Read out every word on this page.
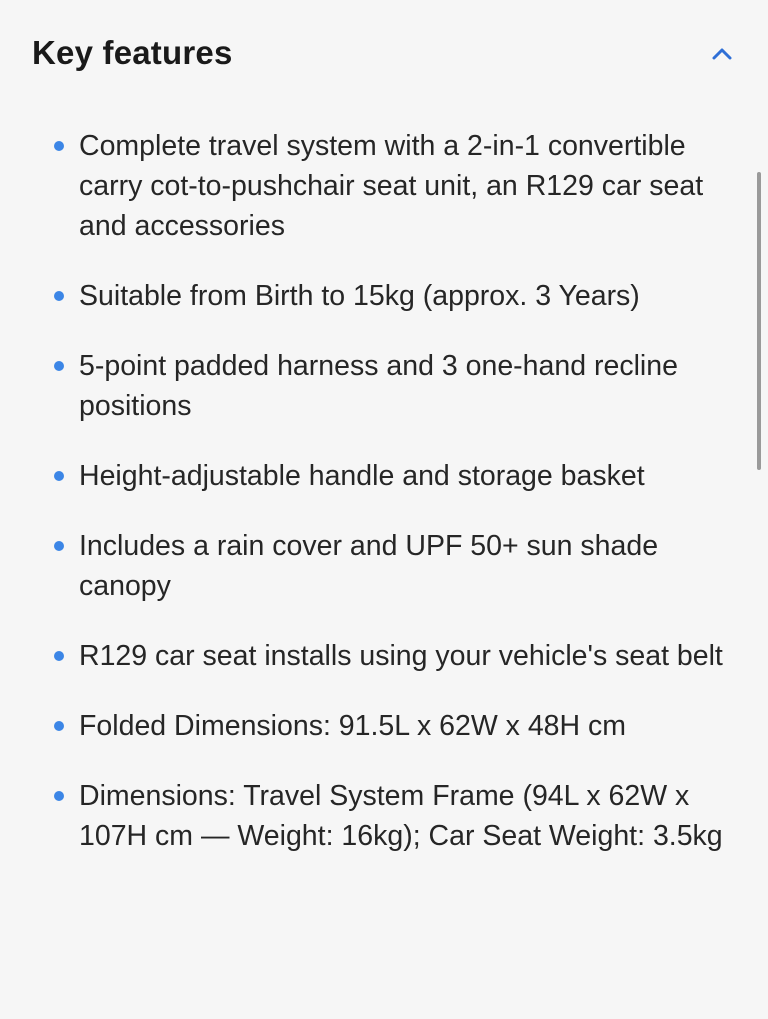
Key features
Complete travel system with a 2-in-1 convertible carry cot-to-pushchair seat unit, an R129 car seat and accessories
Suitable from Birth to 15kg (approx. 3 Years)
5-point padded harness and 3 one-hand recline positions
Height-adjustable handle and storage basket
Includes a rain cover and UPF 50+ sun shade canopy
R129 car seat installs using your vehicle's seat belt
Folded Dimensions: 91.5L x 62W x 48H cm
Dimensions: Travel System Frame (94L x 62W x 107H cm — Weight: 16kg); Car Seat Weight: 3.5kg
